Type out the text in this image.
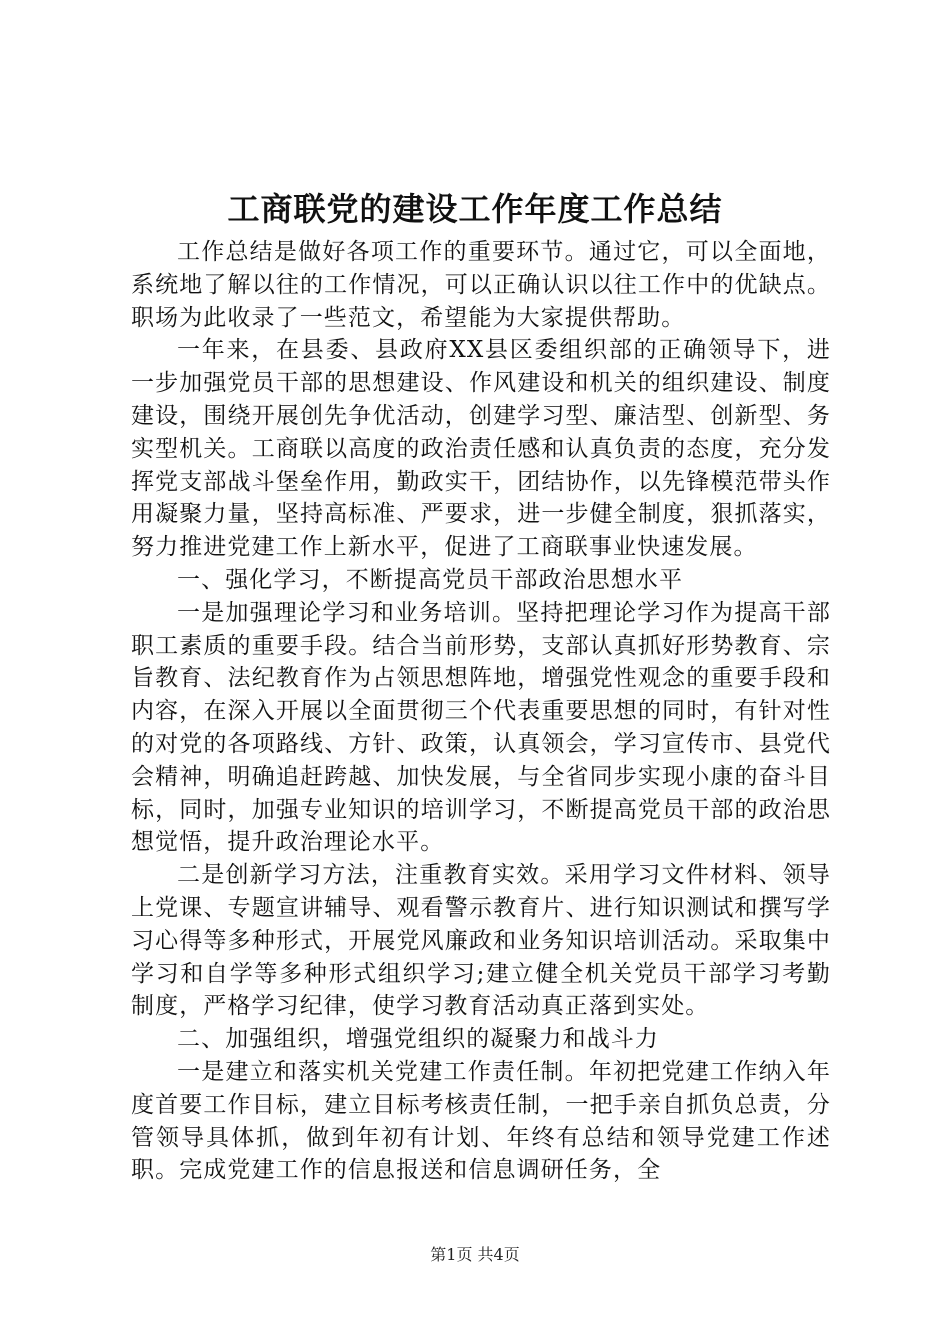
工商联党的建设工作年度工作总结

工作总结是做好各项工作的重要环节。通过它，可以全面地，系统地了解以往的工作情况，可以正确认识以往工作中的优缺点。职场为此收录了一些范文，希望能为大家提供帮助。

一年来，在县委、县政府XX县区委组织部的正确领导下，进一步加强党员干部的思想建设、作风建设和机关的组织建设、制度建设，围绕开展创先争优活动，创建学习型、廉洁型、创新型、务实型机关。工商联以高度的政治责任感和认真负责的态度，充分发挥党支部战斗堡垒作用，勤政实干，团结协作，以先锋模范带头作用凝聚力量，坚持高标准、严要求，进一步健全制度，狠抓落实，努力推进党建工作上新水平，促进了工商联事业快速发展。

一、强化学习，不断提高党员干部政治思想水平

一是加强理论学习和业务培训。坚持把理论学习作为提高干部职工素质的重要手段。结合当前形势，支部认真抓好形势教育、宗旨教育、法纪教育作为占领思想阵地，增强党性观念的重要手段和内容，在深入开展以全面贯彻三个代表重要思想的同时，有针对性的对党的各项路线、方针、政策，认真领会，学习宣传市、县党代会精神，明确追赶跨越、加快发展，与全省同步实现小康的奋斗目标，同时，加强专业知识的培训学习，不断提高党员干部的政治思想觉悟，提升政治理论水平。

二是创新学习方法，注重教育实效。采用学习文件材料、领导上党课、专题宣讲辅导、观看警示教育片、进行知识测试和撰写学习心得等多种形式，开展党风廉政和业务知识培训活动。采取集中学习和自学等多种形式组织学习;建立健全机关党员干部学习考勤制度，严格学习纪律，使学习教育活动真正落到实处。

二、加强组织，增强党组织的凝聚力和战斗力

一是建立和落实机关党建工作责任制。年初把党建工作纳入年度首要工作目标，建立目标考核责任制，一把手亲自抓负总责，分管领导具体抓，做到年初有计划、年终有总结和领导党建工作述职。完成党建工作的信息报送和信息调研任务，全

第1页 共4页
